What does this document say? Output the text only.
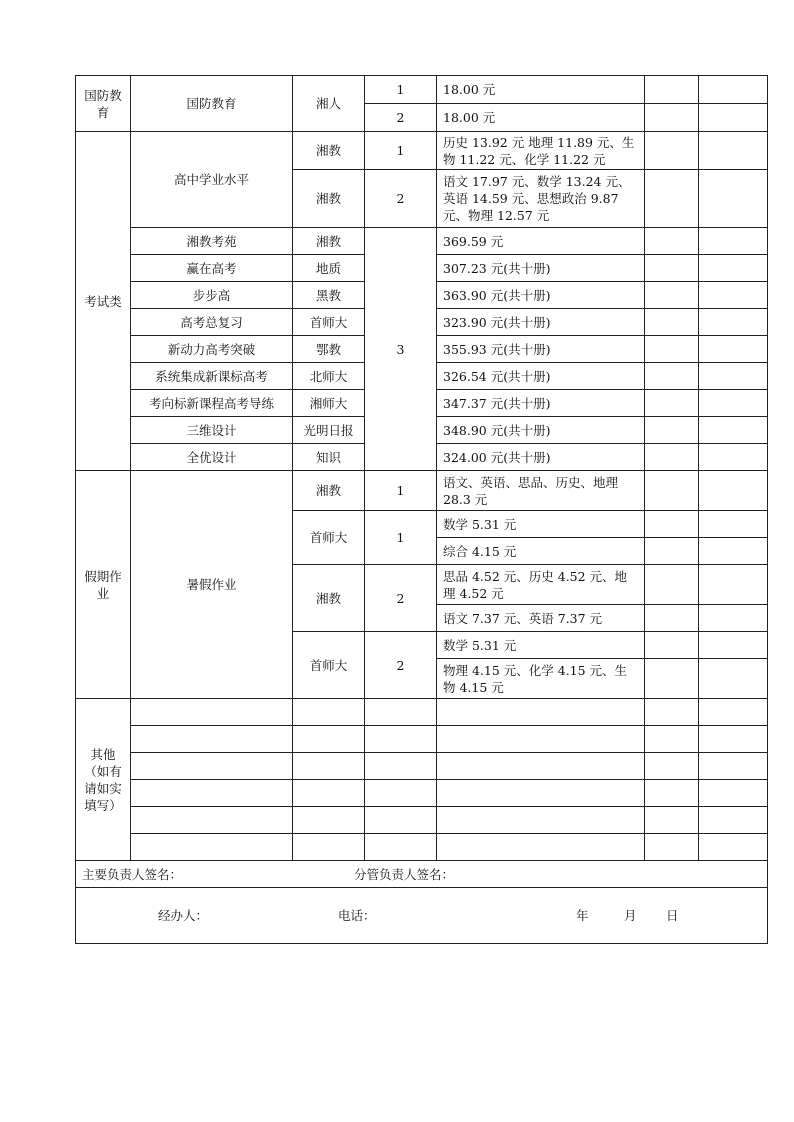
国防教育	国防教育	湘人	1	18.00 元		
			2	18.00 元		
考试类	高中学业水平	湘教	1	历史 13.92 元 地理 11.89 元、生物 11.22 元、化学 11.22 元		
		湘教	2	语文 17.97 元、数学 13.24 元、英语 14.59 元、思想政治 9.87 元、物理 12.57 元		
	湘教考苑	湘教	3	369.59 元		
	赢在高考	地质		307.23 元(共十册)		
	步步高	黑教		363.90 元(共十册)		
	高考总复习	首师大		323.90 元(共十册)		
	新动力高考突破	鄂教		355.93 元(共十册)		
	系统集成新课标高考	北师大		326.54 元(共十册)		
	考向标新课程高考导练	湘师大		347.37 元(共十册)		
	三维设计	光明日报		348.90 元(共十册)		
	全优设计	知识		324.00 元(共十册)		
假期作业	暑假作业	湘教	1	语文、英语、思品、历史、地理 28.3 元		
		首师大	1	数学 5.31 元		
				综合 4.15 元		
		湘教	2	思品 4.52 元、历史 4.52 元、地理 4.52 元		
				语文 7.37 元、英语 7.37 元		
		首师大	2	数学 5.31 元		
				物理 4.15 元、化学 4.15 元、生物 4.15 元		
其他（如有请如实填写）						

主要负责人签名： 分管负责人签名：						
经办人： 电话： 年 月 日						
